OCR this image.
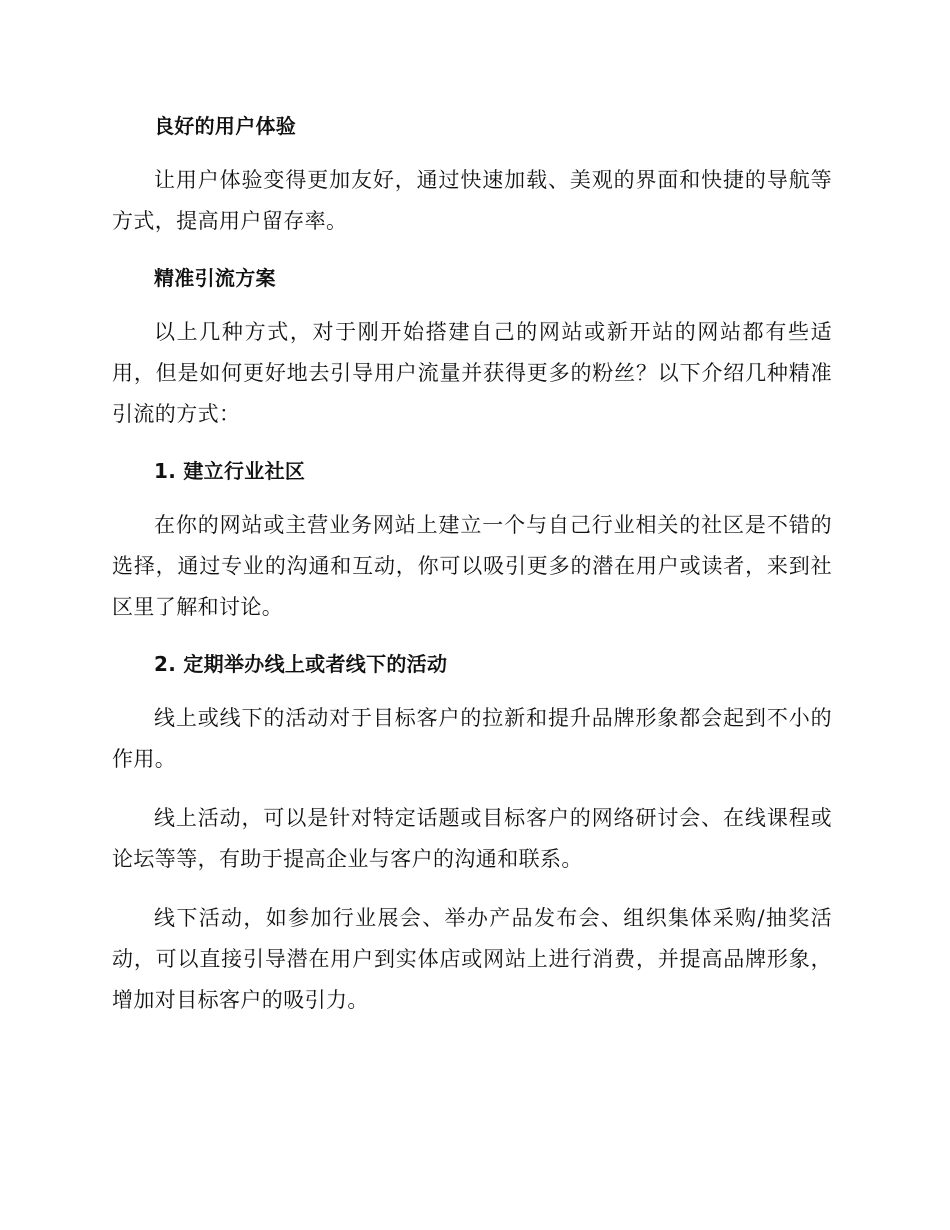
良好的用户体验

让用户体验变得更加友好，通过快速加载、美观的界面和快捷的导航等方式，提高用户留存率。

精准引流方案

以上几种方式，对于刚开始搭建自己的网站或新开站的网站都有些适用，但是如何更好地去引导用户流量并获得更多的粉丝？以下介绍几种精准引流的方式：

1. 建立行业社区

在你的网站或主营业务网站上建立一个与自己行业相关的社区是不错的选择，通过专业的沟通和互动，你可以吸引更多的潜在用户或读者，来到社区里了解和讨论。

2. 定期举办线上或者线下的活动

线上或线下的活动对于目标客户的拉新和提升品牌形象都会起到不小的作用。

线上活动，可以是针对特定话题或目标客户的网络研讨会、在线课程或论坛等等，有助于提高企业与客户的沟通和联系。

线下活动，如参加行业展会、举办产品发布会、组织集体采购/抽奖活动，可以直接引导潜在用户到实体店或网站上进行消费，并提高品牌形象，增加对目标客户的吸引力。
